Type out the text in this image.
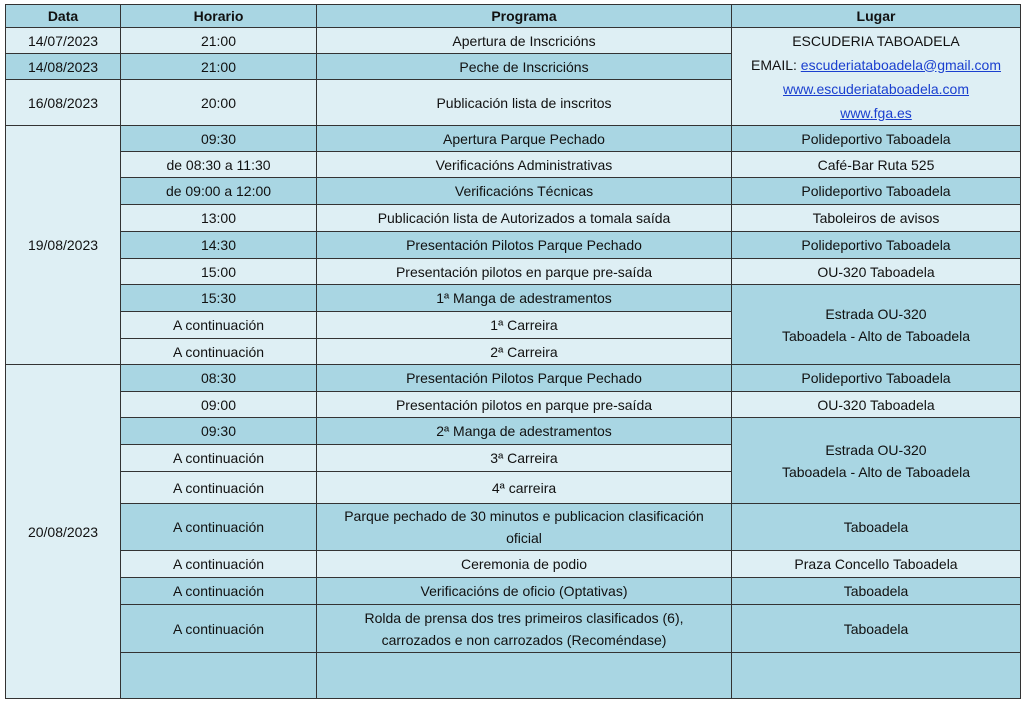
Data	Horario	Programa	Lugar
14/07/2023	21:00	Apertura de Inscricións	ESCUDERIA TABOADELA
EMAIL: escuderiataboadela@gmail.com
www.escuderiataboadela.com
www.fga.es

14/08/2023	21:00	Peche de Inscricións	
16/08/2023	20:00	Publicación lista de inscritos	
19/08/2023	09:30	Apertura Parque Pechado	Polideportivo Taboadela
	de 08:30 a 11:30	Verificacións Administrativas	Café-Bar Ruta 525
	de 09:00 a 12:00	Verificacións Técnicas	Polideportivo Taboadela
	13:00	Publicación lista de Autorizados a tomala saída	Taboleiros de avisos
	14:30	Presentación Pilotos Parque Pechado	Polideportivo Taboadela
	15:00	Presentación pilotos en parque pre-saída	OU-320 Taboadela
	15:30	1ª Manga de adestramentos	Estrada OU-320
Taboadela - Alto de Taboadela

	A continuación	1ª Carreira	
	A continuación	2ª Carreira	
20/08/2023	08:30	Presentación Pilotos Parque Pechado	Polideportivo Taboadela
	09:00	Presentación pilotos en parque pre-saída	OU-320 Taboadela
	09:30	2ª Manga de adestramentos	Estrada OU-320
Taboadela - Alto de Taboadela

	A continuación	3ª Carreira	
	A continuación	4ª carreira	
	A continuación	Parque pechado de 30 minutos e publicacion clasificación
oficial	Taboadela
	A continuación	Ceremonia de podio	Praza Concello Taboadela
	A continuación	Verificacións de oficio (Optativas)	Taboadela
	A continuación	Rolda de prensa dos tres primeiros clasificados (6),
carrozados e non carrozados (Recoméndase)	Taboadela
